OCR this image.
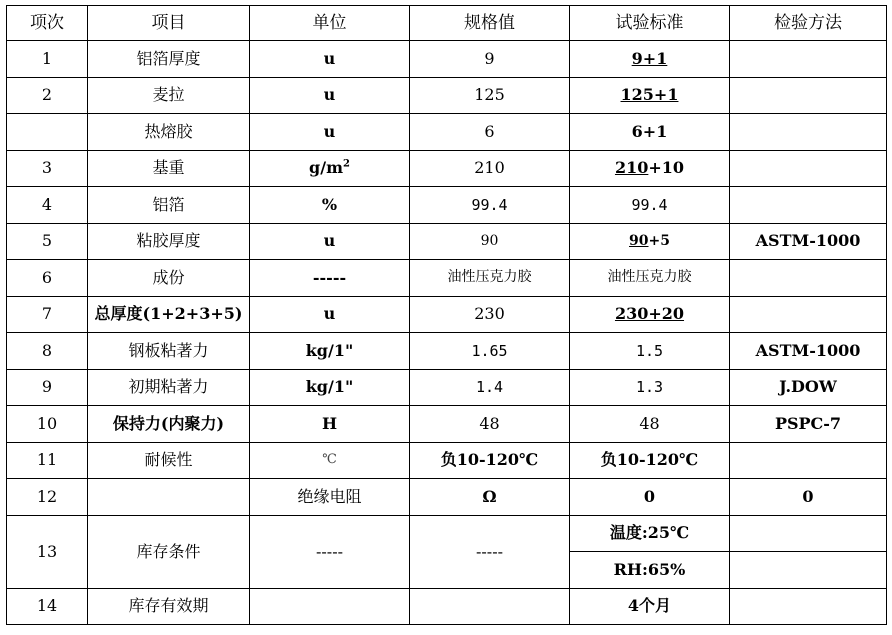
项次	项目	单位	规格值	试验标准	检验方法
1	铝箔厚度	u	9	9+1	
2	麦拉	u	125	125+1	
	热熔胶	u	6	6+1	
3	基重	$g/m^2$	210	210+10	
4	铝箔	%	99.4	99.4	
5	粘胶厚度	u	90	90+5	ASTM-1000
6	成份	-----	油性压克力胶	油性压克力胶	
7	总厚度(1+2+3+5)	u	230	230+20	
8	钢板粘著力	kg/1"	1.65	1.5	ASTM-1000
9	初期粘著力	kg/1"	1.4	1.3	J.DOW
10	保持力(内聚力)	H	48	48	PSPC-7
11	耐候性	℃	负10-120℃	负10-120℃	
12		绝缘电阻	Ω	0	0
13	库存条件	-----	-----	温度:25℃	
				RH:65%	
14	库存有效期			4个月	
